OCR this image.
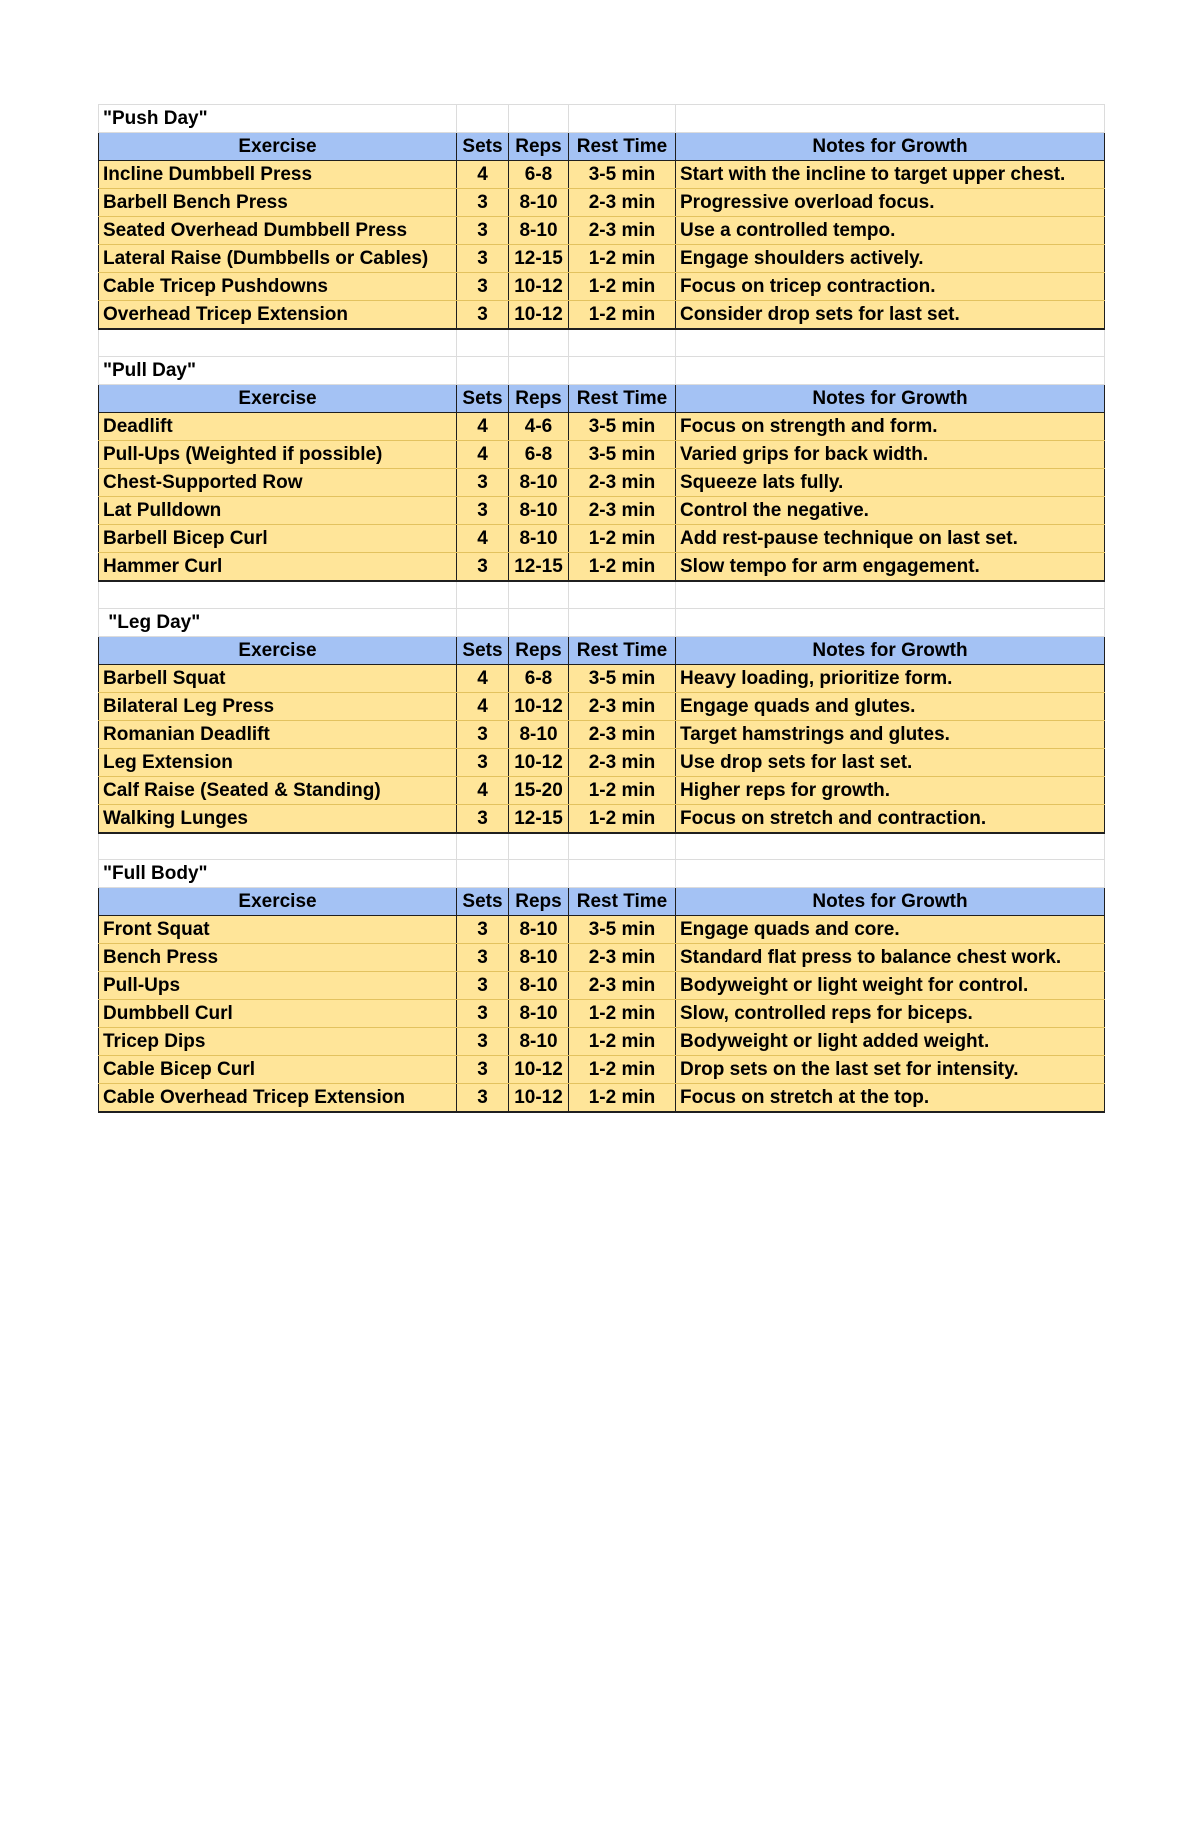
"Push Day"				
Exercise	Sets	Reps	Rest Time	Notes for Growth
Incline Dumbbell Press	4	6-8	3-5 min	Start with the incline to target upper chest.
Barbell Bench Press	3	8-10	2-3 min	Progressive overload focus.
Seated Overhead Dumbbell Press	3	8-10	2-3 min	Use a controlled tempo.
Lateral Raise (Dumbbells or Cables)	3	12-15	1-2 min	Engage shoulders actively.
Cable Tricep Pushdowns	3	10-12	1-2 min	Focus on tricep contraction.
Overhead Tricep Extension	3	10-12	1-2 min	Consider drop sets for last set.

"Pull Day"				
Exercise	Sets	Reps	Rest Time	Notes for Growth
Deadlift	4	4-6	3-5 min	Focus on strength and form.
Pull-Ups (Weighted if possible)	4	6-8	3-5 min	Varied grips for back width.
Chest-Supported Row	3	8-10	2-3 min	Squeeze lats fully.
Lat Pulldown	3	8-10	2-3 min	Control the negative.
Barbell Bicep Curl	4	8-10	1-2 min	Add rest-pause technique on last set.
Hammer Curl	3	12-15	1-2 min	Slow tempo for arm engagement.

"Leg Day"				
Exercise	Sets	Reps	Rest Time	Notes for Growth
Barbell Squat	4	6-8	3-5 min	Heavy loading, prioritize form.
Bilateral Leg Press	4	10-12	2-3 min	Engage quads and glutes.
Romanian Deadlift	3	8-10	2-3 min	Target hamstrings and glutes.
Leg Extension	3	10-12	2-3 min	Use drop sets for last set.
Calf Raise (Seated & Standing)	4	15-20	1-2 min	Higher reps for growth.
Walking Lunges	3	12-15	1-2 min	Focus on stretch and contraction.

"Full Body"				
Exercise	Sets	Reps	Rest Time	Notes for Growth
Front Squat	3	8-10	3-5 min	Engage quads and core.
Bench Press	3	8-10	2-3 min	Standard flat press to balance chest work.
Pull-Ups	3	8-10	2-3 min	Bodyweight or light weight for control.
Dumbbell Curl	3	8-10	1-2 min	Slow, controlled reps for biceps.
Tricep Dips	3	8-10	1-2 min	Bodyweight or light added weight.
Cable Bicep Curl	3	10-12	1-2 min	Drop sets on the last set for intensity.
Cable Overhead Tricep Extension	3	10-12	1-2 min	Focus on stretch at the top.
